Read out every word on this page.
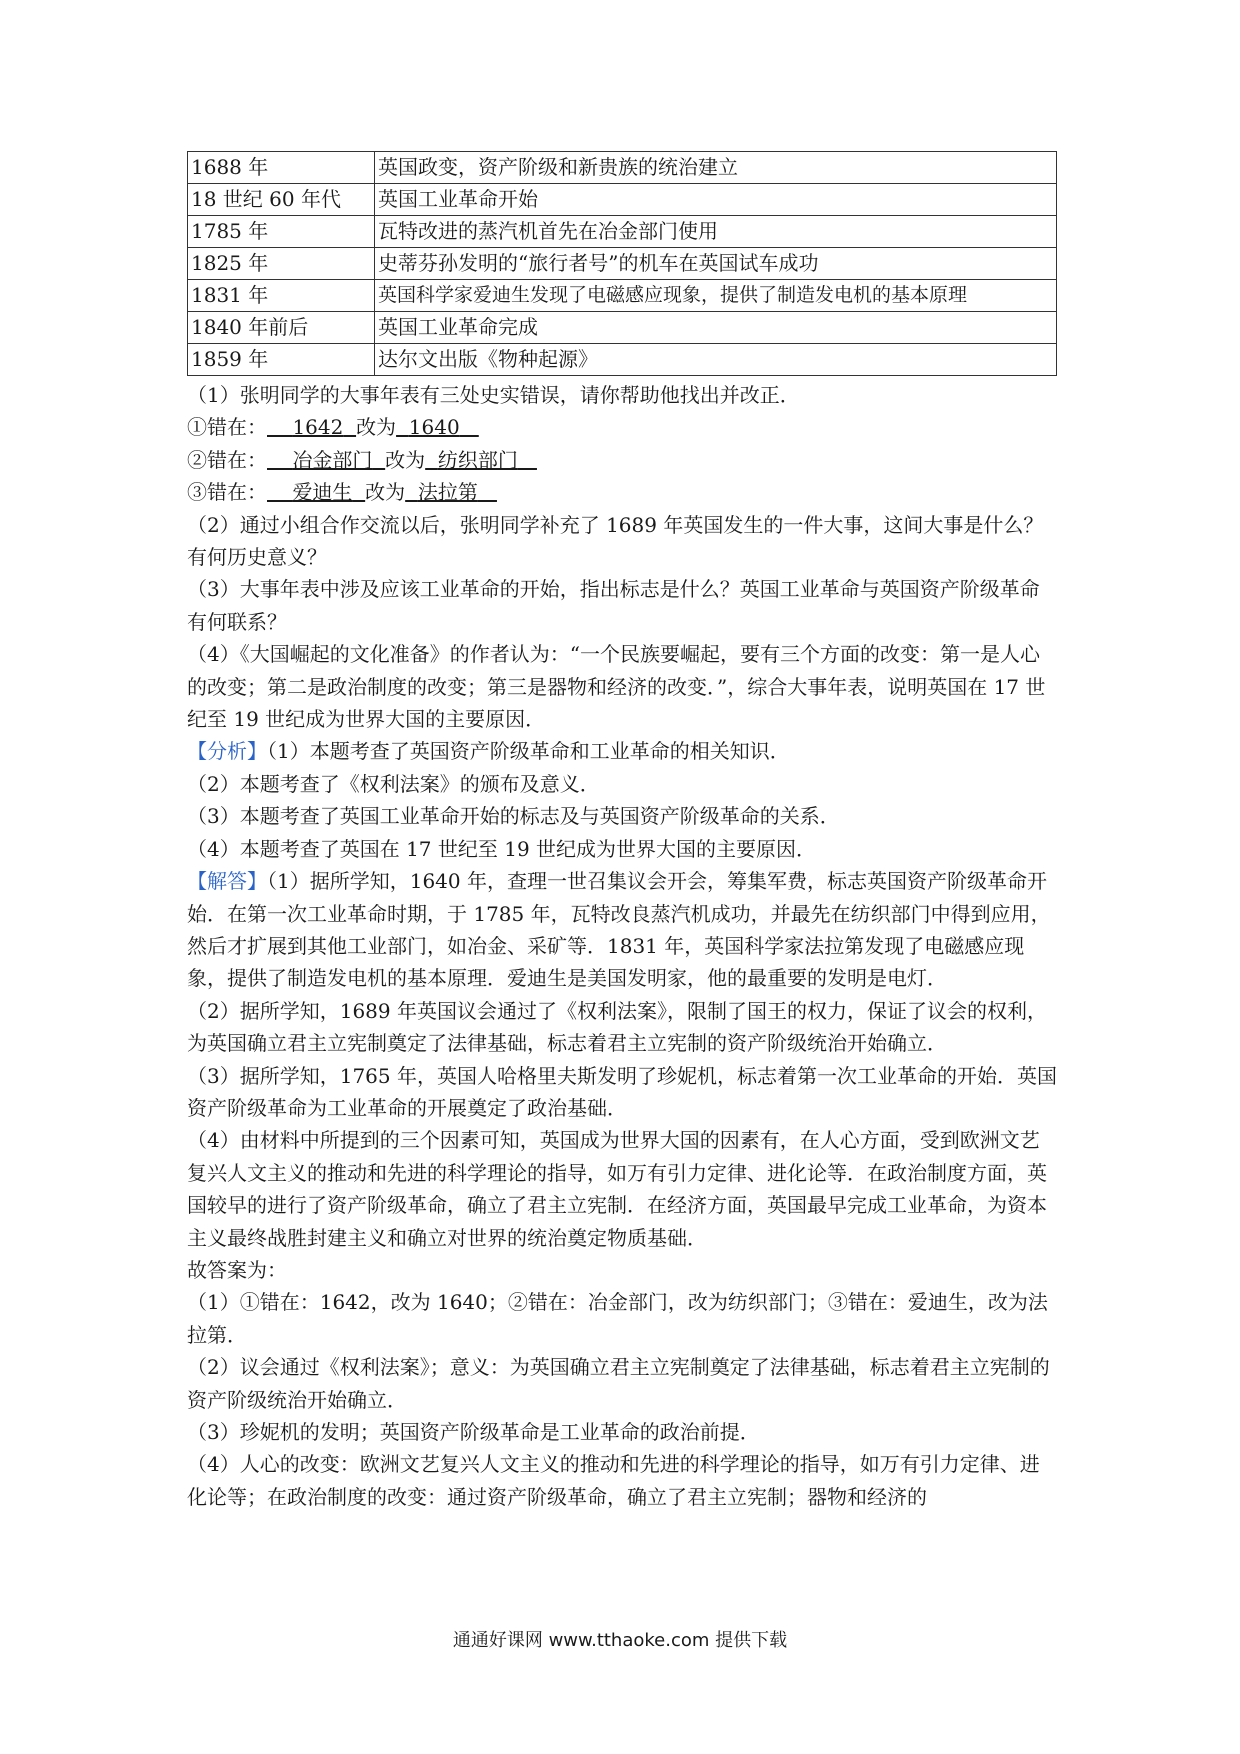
1688 年	英国政变，资产阶级和新贵族的统治建立
18 世纪 60 年代	英国工业革命开始
1785 年	瓦特改进的蒸汽机首先在冶金部门使用
1825 年	史蒂芬孙发明的“旅行者号”的机车在英国试车成功
1831 年	英国科学家爱迪生发现了电磁感应现象，提供了制造发电机的基本原理
1840 年前后	英国工业革命完成
1859 年	达尔文出版《物种起源》

（1）张明同学的大事年表有三处史实错误，请你帮助他找出并改正．

①错在： 1642 改为 1640

②错在： 冶金部门 改为 纺织部门

③错在： 爱迪生 改为 法拉第

（2）通过小组合作交流以后，张明同学补充了 1689 年英国发生的一件大事，这间大事是什么？有何历史意义？

（3）大事年表中涉及应该工业革命的开始，指出标志是什么？英国工业革命与英国资产阶级革命有何联系？

（4）《大国崛起的文化准备》的作者认为：“一个民族要崛起，要有三个方面的改变：第一是人心的改变；第二是政治制度的改变；第三是器物和经济的改变．”，综合大事年表，说明英国在 17 世纪至 19 世纪成为世界大国的主要原因．

【分析】（1）本题考查了英国资产阶级革命和工业革命的相关知识．

（2）本题考查了《权利法案》的颁布及意义．

（3）本题考查了英国工业革命开始的标志及与英国资产阶级革命的关系．

（4）本题考查了英国在 17 世纪至 19 世纪成为世界大国的主要原因．

【解答】（1）据所学知，1640 年，查理一世召集议会开会，筹集军费，标志英国资产阶级革命开始．在第一次工业革命时期，于 1785 年，瓦特改良蒸汽机成功，并最先在纺织部门中得到应用，然后才扩展到其他工业部门，如冶金、采矿等．1831 年，英国科学家法拉第发现了电磁感应现象，提供了制造发电机的基本原理．爱迪生是美国发明家，他的最重要的发明是电灯．

（2）据所学知，1689 年英国议会通过了《权利法案》，限制了国王的权力，保证了议会的权利，为英国确立君主立宪制奠定了法律基础，标志着君主立宪制的资产阶级统治开始确立．

（3）据所学知，1765 年，英国人哈格里夫斯发明了珍妮机，标志着第一次工业革命的开始．英国资产阶级革命为工业革命的开展奠定了政治基础．

（4）由材料中所提到的三个因素可知，英国成为世界大国的因素有，在人心方面，受到欧洲文艺复兴人文主义的推动和先进的科学理论的指导，如万有引力定律、进化论等．在政治制度方面，英国较早的进行了资产阶级革命，确立了君主立宪制．在经济方面，英国最早完成工业革命，为资本主义最终战胜封建主义和确立对世界的统治奠定物质基础．

故答案为：

（1）①错在：1642，改为 1640；②错在：冶金部门，改为纺织部门；③错在：爱迪生，改为法拉第．

（2）议会通过《权利法案》；意义：为英国确立君主立宪制奠定了法律基础，标志着君主立宪制的资产阶级统治开始确立．

（3）珍妮机的发明；英国资产阶级革命是工业革命的政治前提．

（4）人心的改变：欧洲文艺复兴人文主义的推动和先进的科学理论的指导，如万有引力定律、进化论等；在政治制度的改变：通过资产阶级革命，确立了君主立宪制；器物和经济的

通通好课网 www.tthaoke.com 提供下载
